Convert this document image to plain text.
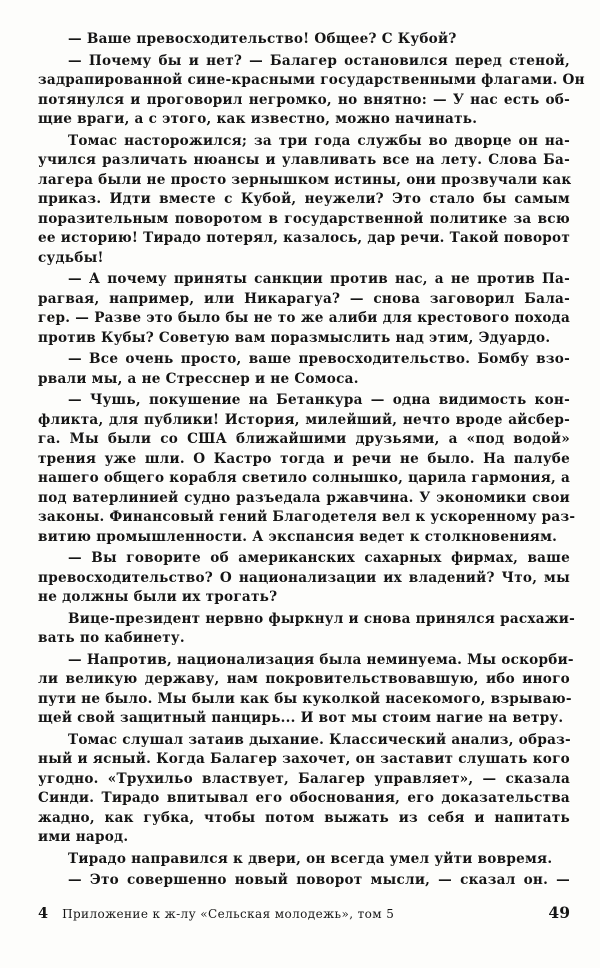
— Ваше превосходительство! Общее? С Кубой?
— Почему бы и нет? — Балагер остановился перед стеной,
задрапированной сине-красными государственными флагами. Он
потянулся и проговорил негромко, но внятно: — У нас есть об-
щие враги, а с этого, как известно, можно начинать.
Томас насторожился; за три года службы во дворце он на-
учился различать нюансы и улавливать все на лету. Слова Ба-
лагера были не просто зернышком истины, они прозвучали как
приказ. Идти вместе с Кубой, неужели? Это стало бы самым
поразительным поворотом в государственной политике за всю
ее историю! Тирадо потерял, казалось, дар речи. Такой поворот
судьбы!
— А почему приняты санкции против нас, а не против Па-
рагвая, например, или Никарагуа? — снова заговорил Бала-
гер. — Разве это было бы не то же алиби для крестового похода
против Кубы? Советую вам поразмыслить над этим, Эдуардо.
— Все очень просто, ваше превосходительство. Бомбу взо-
рвали мы, а не Стресснер и не Сомоса.
— Чушь, покушение на Бетанкура — одна видимость кон-
фликта, для публики! История, милейший, нечто вроде айсбер-
га. Мы были со США ближайшими друзьями, а «под водой»
трения уже шли. О Кастро тогда и речи не было. На палубе
нашего общего корабля светило солнышко, царила гармония, а
под ватерлинией судно разъедала ржавчина. У экономики свои
законы. Финансовый гений Благодетеля вел к ускоренному раз-
витию промышленности. А экспансия ведет к столкновениям.
— Вы говорите об американских сахарных фирмах, ваше
превосходительство? О национализации их владений? Что, мы
не должны были их трогать?
Вице-президент нервно фыркнул и снова принялся расхажи-
вать по кабинету.
— Напротив, национализация была неминуема. Мы оскорби-
ли великую державу, нам покровительствовавшую, ибо иного
пути не было. Мы были как бы куколкой насекомого, взрываю-
щей свой защитный панцирь... И вот мы стоим нагие на ветру.
Томас слушал затаив дыхание. Классический анализ, образ-
ный и ясный. Когда Балагер захочет, он заставит слушать кого
угодно. «Трухильо властвует, Балагер управляет», — сказала
Синди. Тирадо впитывал его обоснования, его доказательства
жадно, как губка, чтобы потом выжать из себя и напитать
ими народ.
Тирадо направился к двери, он всегда умел уйти вовремя.
— Это совершенно новый поворот мысли, — сказал он. —
4 Приложение к ж-лу «Сельская молодежь», том 5	49
